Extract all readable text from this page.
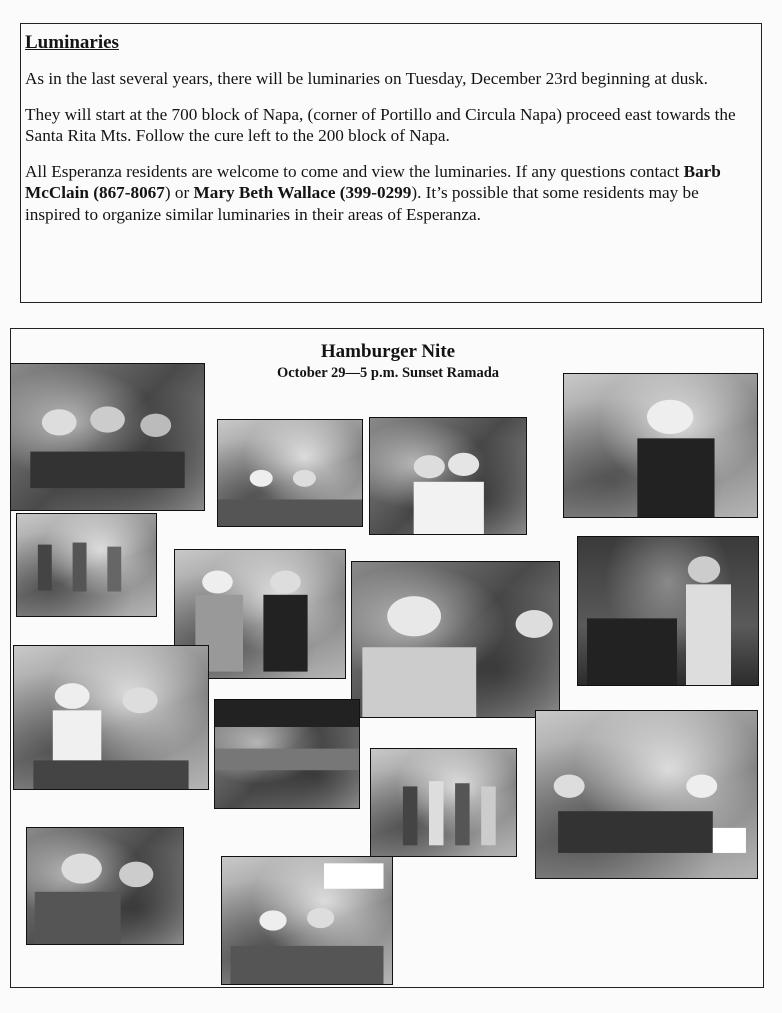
Luminaries

As in the last several years, there will be luminaries on Tuesday, December 23rd beginning at dusk.

They will start at the 700 block of Napa, (corner of Portillo and Circula Napa) proceed east towards the
Santa Rita Mts. Follow the cure left to the 200 block of Napa.

All Esperanza residents are welcome to come and view the luminaries. If any questions contact Barb McClain (867-8067) or Mary Beth Wallace (399-0299). It’s possible that some residents may be inspired to organize similar luminaries in their areas of Esperanza.

Hamburger Nite
October 29—5 p.m. Sunset Ramada
